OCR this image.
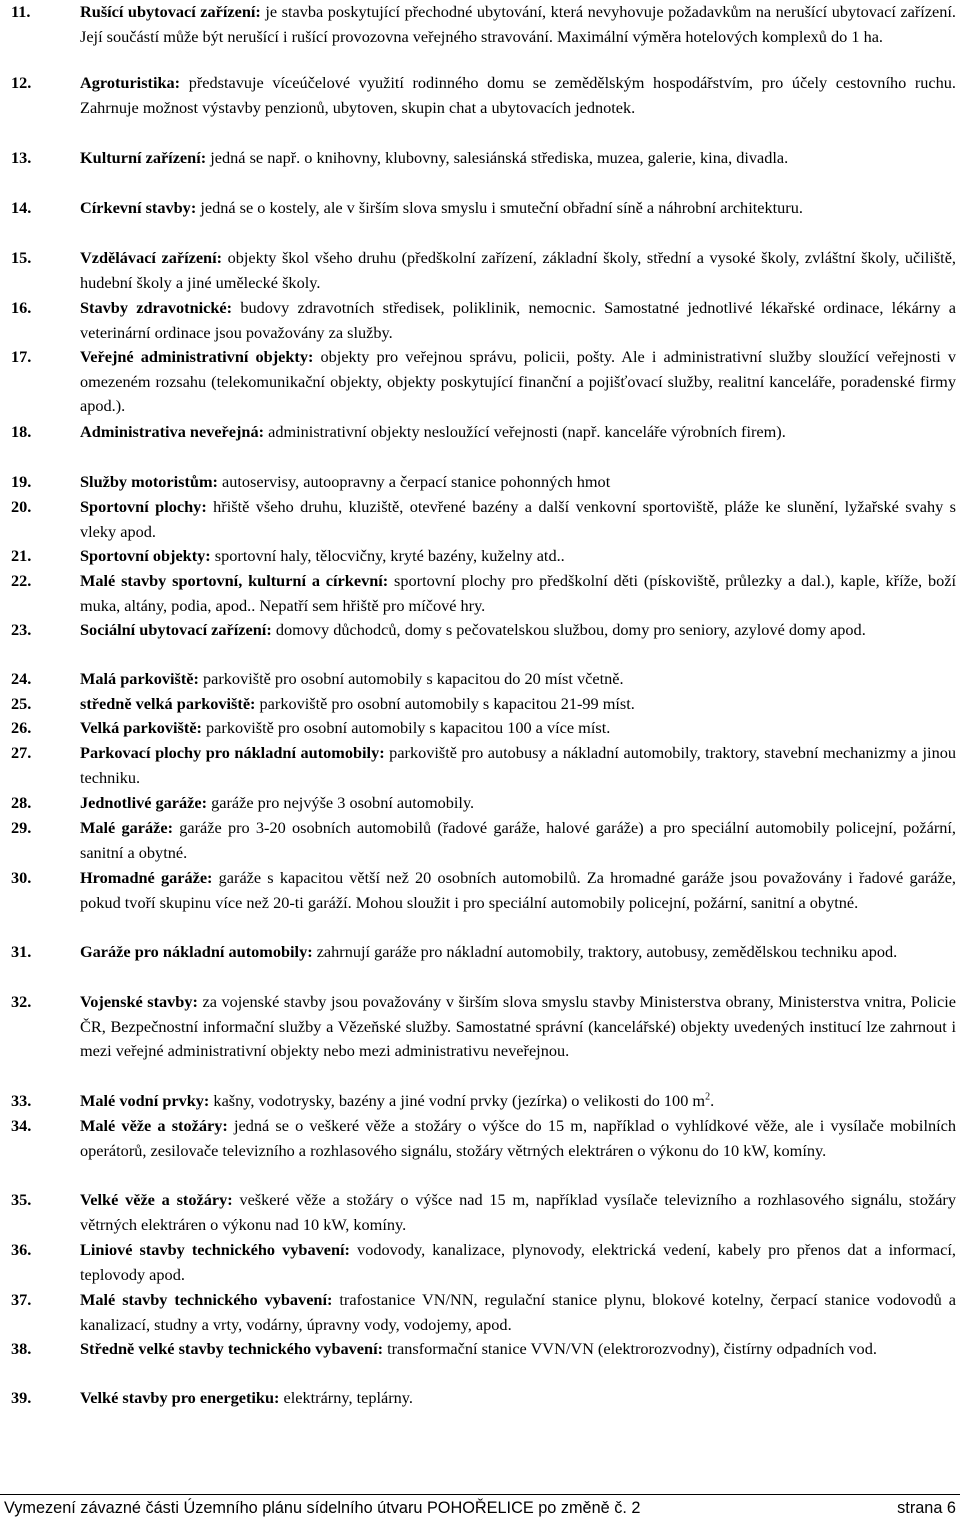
11.	Rušící ubytovací zařízení: je stavba poskytující přechodné ubytování, která nevyhovuje požadavkům na nerušící ubytovací zařízení. Její součástí může být nerušící i rušící provozovna veřejného stravování. Maximální výměra hotelových komplexů do 1 ha.
12.	Agroturistika: představuje víceúčelové využití rodinného domu se zemědělským hospodářstvím, pro účely cestovního ruchu. Zahrnuje možnost výstavby penzionů, ubytoven, skupin chat a ubytovacích jednotek.
13.	Kulturní zařízení: jedná se např. o knihovny, klubovny, salesiánská střediska, muzea, galerie, kina, divadla.
14.	Církevní stavby: jedná se o kostely, ale v širším slova smyslu i smuteční obřadní síně a náhrobní architekturu.
15.	Vzdělávací zařízení: objekty škol všeho druhu (předškolní zařízení, základní školy, střední a vysoké školy, zvláštní školy, učiliště, hudební školy a jiné umělecké školy.
16.	Stavby zdravotnické: budovy zdravotních středisek, poliklinik, nemocnic. Samostatné jednotlivé lékařské ordinace, lékárny a veterinární ordinace jsou považovány za služby.
17.	Veřejné administrativní objekty: objekty pro veřejnou správu, policii, pošty. Ale i administrativní služby sloužící veřejnosti v omezeném rozsahu (telekomunikační objekty, objekty poskytující finanční a pojišťovací služby, realitní kanceláře, poradenské firmy apod.).
18.	Administrativa neveřejná: administrativní objekty nesloužící veřejnosti (např. kanceláře výrobních firem).
19.	Služby motoristům: autoservisy, autoopravny a čerpací stanice pohonných hmot
20.	Sportovní plochy: hřiště všeho druhu, kluziště, otevřené bazény a další venkovní sportoviště, pláže ke slunění, lyžařské svahy s vleky apod.
21.	Sportovní objekty: sportovní haly, tělocvičny, kryté bazény, kuželny atd..
22.	Malé stavby sportovní, kulturní a církevní: sportovní plochy pro předškolní děti (pískoviště, průlezky a dal.), kaple, kříže, boží muka, altány, podia, apod.. Nepatří sem hřiště pro míčové hry.
23.	Sociální ubytovací zařízení: domovy důchodců, domy s pečovatelskou službou, domy pro seniory, azylové domy apod.
24.	Malá parkoviště: parkoviště pro osobní automobily s kapacitou do 20 míst včetně.
25.	středně velká parkoviště: parkoviště pro osobní automobily s kapacitou 21-99 míst.
26.	Velká parkoviště: parkoviště pro osobní automobily s kapacitou 100 a více míst.
27.	Parkovací plochy pro nákladní automobily: parkoviště pro autobusy a nákladní automobily, traktory, stavební mechanizmy a jinou techniku.
28.	Jednotlivé garáže: garáže pro nejvýše 3 osobní automobily.
29.	Malé garáže: garáže pro 3-20 osobních automobilů (řadové garáže, halové garáže) a pro speciální automobily policejní, požární, sanitní a obytné.
30.	Hromadné garáže: garáže s kapacitou větší než 20 osobních automobilů. Za hromadné garáže jsou považovány i řadové garáže, pokud tvoří skupinu více než 20-ti garáží. Mohou sloužit i pro speciální automobily policejní, požární, sanitní a obytné.
31.	Garáže pro nákladní automobily: zahrnují garáže pro nákladní automobily, traktory, autobusy, zemědělskou techniku apod.
32.	Vojenské stavby: za vojenské stavby jsou považovány v širším slova smyslu stavby Ministerstva obrany, Ministerstva vnitra, Policie ČR, Bezpečnostní informační služby a Vězeňské služby. Samostatné správní (kancelářské) objekty uvedených institucí lze zahrnout i mezi veřejné administrativní objekty nebo mezi administrativu neveřejnou.
33.	Malé vodní prvky: kašny, vodotrysky, bazény a jiné vodní prvky (jezírka) o velikosti do 100 $m^2$.
34.	Malé věže a stožáry: jedná se o veškeré věže a stožáry o výšce do 15 m, například o vyhlídkové věže, ale i vysílače mobilních operátorů, zesilovače televizního a rozhlasového signálu, stožáry větrných elektráren o výkonu do 10 kW, komíny.
35.	Velké věže a stožáry: veškeré věže a stožáry o výšce nad 15 m, například vysílače televizního a rozhlasového signálu, stožáry větrných elektráren o výkonu nad 10 kW, komíny.
36.	Liniové stavby technického vybavení: vodovody, kanalizace, plynovody, elektrická vedení, kabely pro přenos dat a informací, teplovody apod.
37.	Malé stavby technického vybavení: trafostanice VN/NN, regulační stanice plynu, blokové kotelny, čerpací stanice vodovodů a kanalizací, studny a vrty, vodárny, úpravny vody, vodojemy, apod.
38.	Středně velké stavby technického vybavení: transformační stanice VVN/VN (elektrorozvodny), čistírny odpadních vod.
39.	Velké stavby pro energetiku: elektrárny, teplárny.
Vymezení závazné části Územního plánu sídelního útvaru POHOŘELICE po změně č. 2	strana 6
